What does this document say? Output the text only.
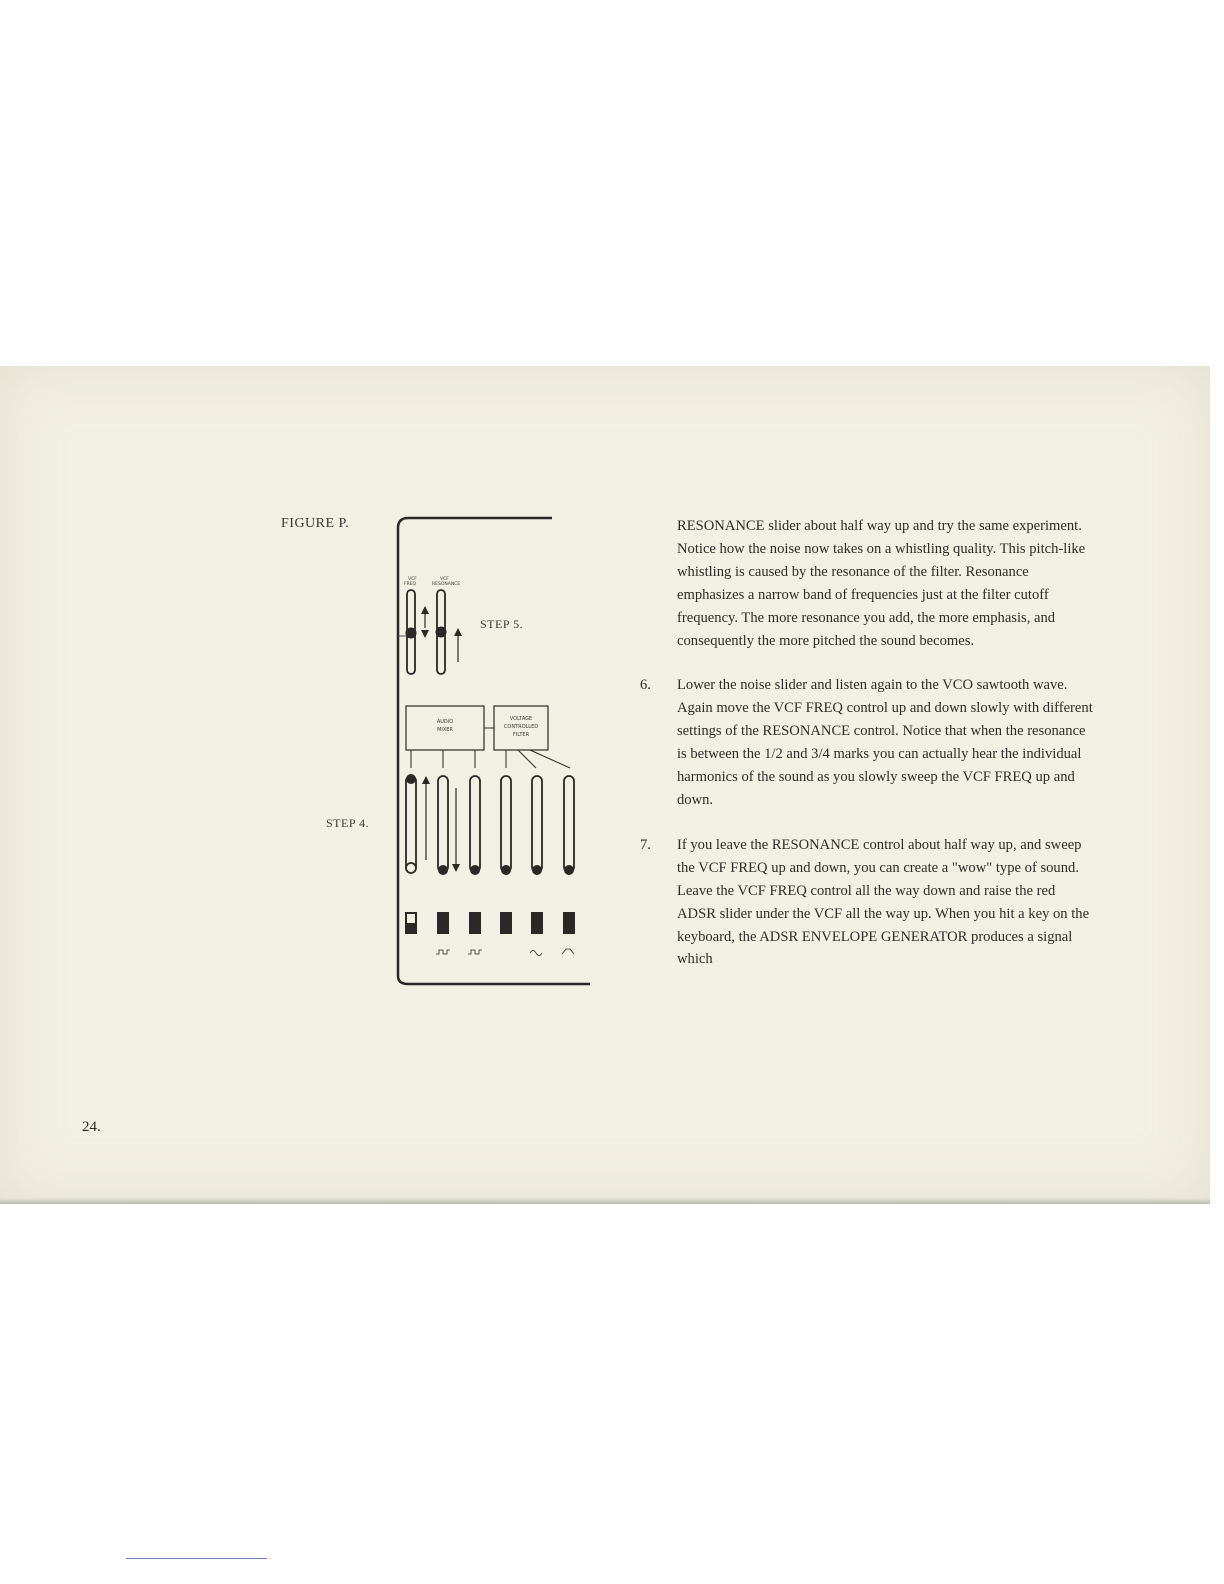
FIGURE P.
STEP 5.
STEP 4.
VCF
FREQ
VCF
RESONANCE
AUDIO
MIXER
VOLTAGE
CONTROLLED
FILTER

RESONANCE slider about half way up and try the same experiment. Notice how the noise now takes on a whistling quality. This pitch-like whistling is caused by the resonance of the filter. Resonance emphasizes a narrow band of frequencies just at the filter cutoff frequency. The more resonance you add, the more emphasis, and consequently the more pitched the sound becomes.

6.	Lower the noise slider and listen again to the VCO sawtooth wave. Again move the VCF FREQ control up and down slowly with different settings of the RESONANCE control. Notice that when the resonance is between the 1/2 and 3/4 marks you can actually hear the individual harmonics of the sound as you slowly sweep the VCF FREQ up and down.
7.	If you leave the RESONANCE control about half way up, and sweep the VCF FREQ up and down, you can create a "wow" type of sound. Leave the VCF FREQ control all the way down and raise the red ADSR slider under the VCF all the way up. When you hit a key on the keyboard, the ADSR ENVELOPE GENERATOR produces a signal which
24.
